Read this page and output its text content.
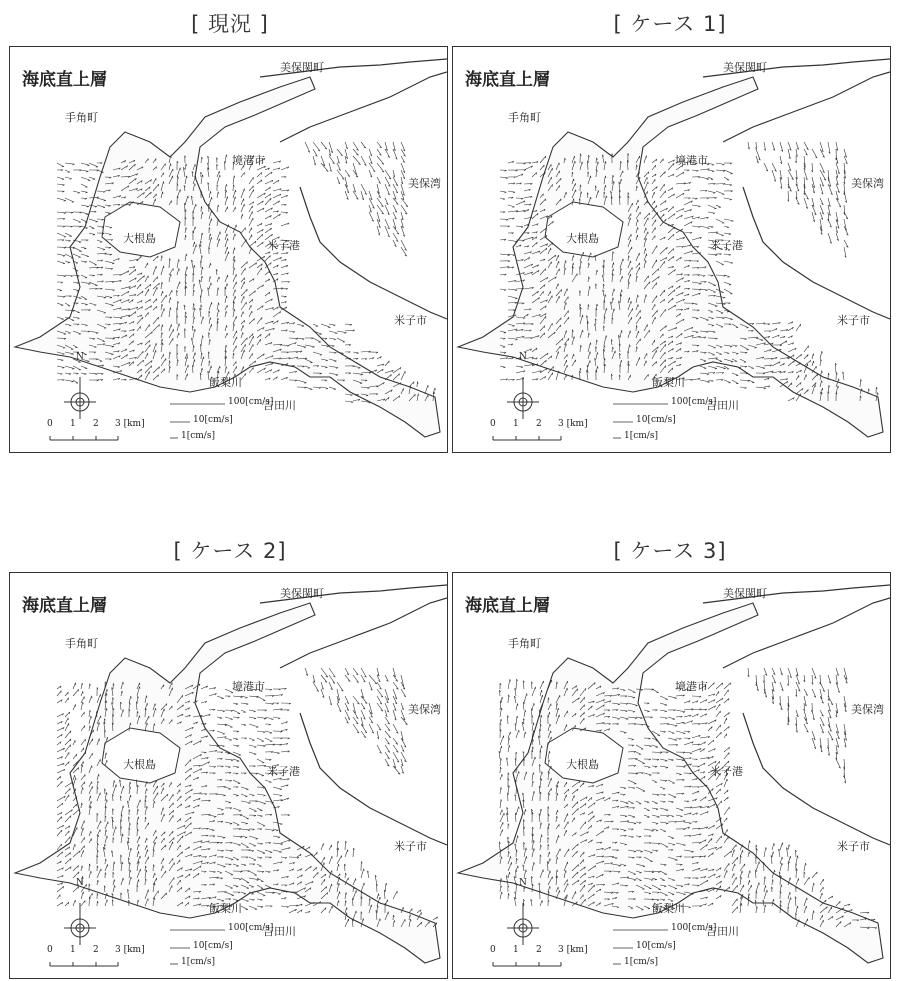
[ 現況 ]	[ ケース 1]
[ ケース 2]	[ ケース 3]
海底直上層
手角町
美保関町
境港市
美保湾
大根島
米子港
米子市
飯梨川
吉田川
N
0 1 2 3 [km]
100[cm/s]
10[cm/s]
1[cm/s]
海底直上層
手角町
美保関町
境港市
美保湾
大根島
米子港
米子市
飯梨川
吉田川
N
0 1 2 3 [km]
100[cm/s]
10[cm/s]
1[cm/s]
海底直上層
手角町
美保関町
境港市
美保湾
大根島
米子港
米子市
飯梨川
吉田川
N
0 1 2 3 [km]
100[cm/s]
10[cm/s]
1[cm/s]
海底直上層
手角町
美保関町
境港市
美保湾
大根島
米子港
米子市
飯梨川
吉田川
N
0 1 2 3 [km]
100[cm/s]
10[cm/s]
1[cm/s]
